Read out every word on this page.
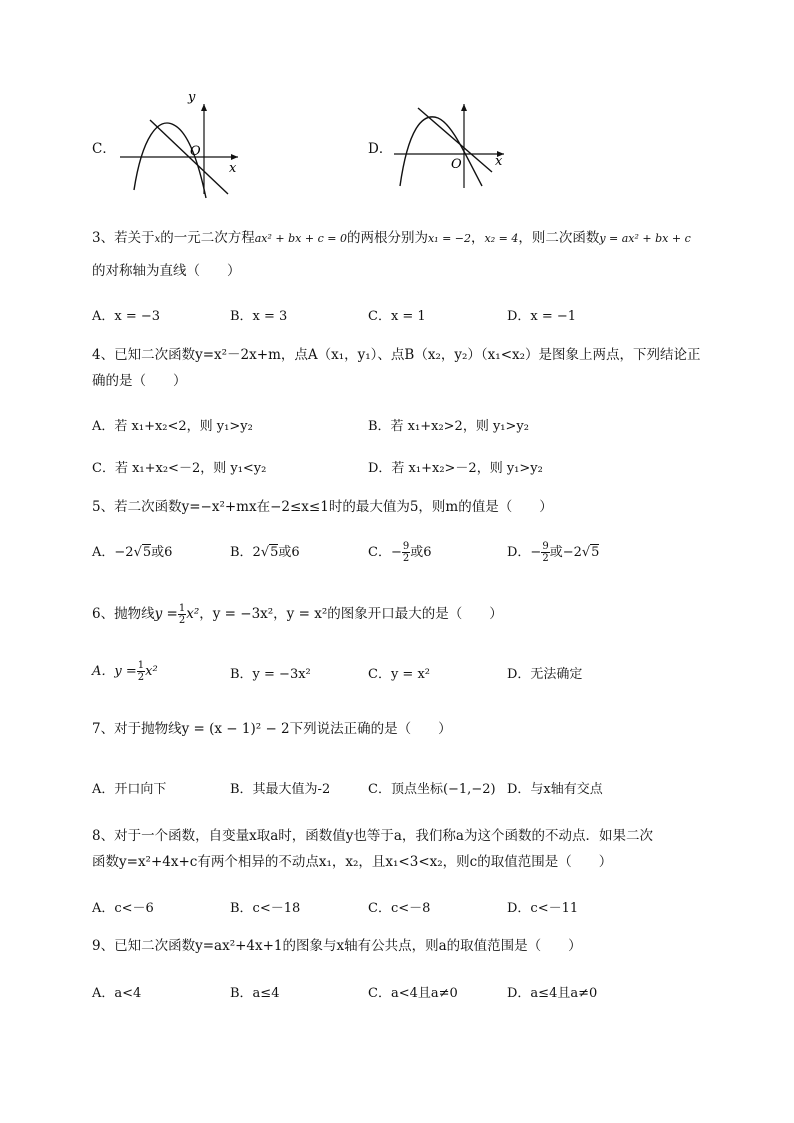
C．
y
x
O	D．
x
O
3、若关于x的一元二次方程ax² + bx + c = 0的两根分别为x₁ = −2，x₂ = 4，则二次函数y = ax² + bx + c
的对称轴为直线（　　）
A．x = −3	B．x = 3	C．x = 1	D．x = −1
4、已知二次函数y=x²－2x+m，点A（x₁，y₁）、点B（x₂，y₂）（x₁<x₂）是图象上两点，下列结论正
确的是（　　）
A．若 x₁+x₂<2，则 y₁>y₂	B．若 x₁+x₂>2，则 y₁>y₂
C．若 x₁+x₂<－2，则 y₁<y₂	D．若 x₁+x₂>－2，则 y₁>y₂
5、若二次函数y=−x²+mx在−2≤x≤1时的最大值为5，则m的值是（　　）
A．−2√5或6	B．2√5或6	C．− $\frac{9}{2}$ 或6	D．− $\frac{9}{2}$ 或−2√5
6、抛物线$y = \frac{1}{2} x^2$，y = −3x²，y = x²的图象开口最大的是（　　）
A．$y = \frac{1}{2} x^2$	B．y = −3x²	C．y = x²	D．无法确定
7、对于抛物线y = (x − 1)² − 2下列说法正确的是（　　）
A．开口向下	B．其最大值为-2	C．顶点坐标(−1,−2) D．与x轴有交点
8、对于一个函数，自变量x取a时，函数值y也等于a，我们称a为这个函数的不动点．如果二次
函数y=x²+4x+c有两个相异的不动点x₁，x₂，且x₁<3<x₂，则c的取值范围是（　　）
A．c<－6	B．c<－18	C．c<－8	D．c<－11
9、已知二次函数y=ax²+4x+1的图象与x轴有公共点，则a的取值范围是（　　）
A．a<4	B．a≤4	C．a<4且a≠0	D．a≤4且a≠0
